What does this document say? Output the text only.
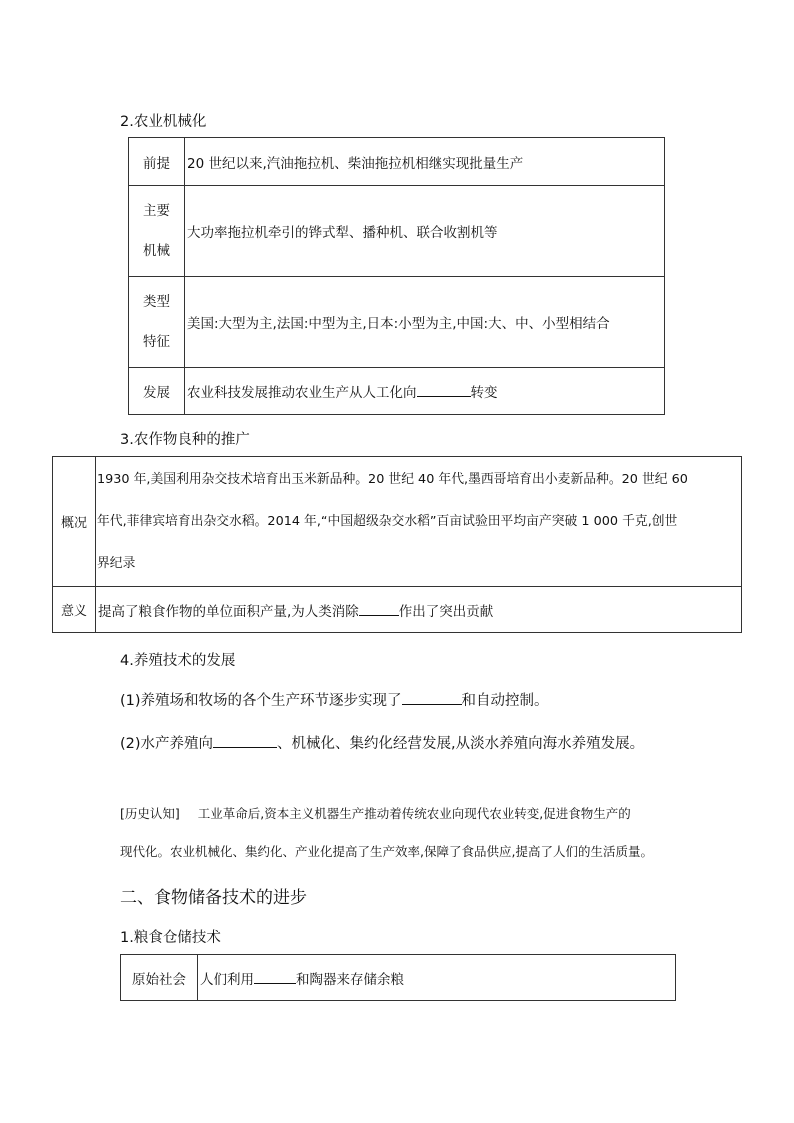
2.农业机械化
前提	20 世纪以来,汽油拖拉机、柴油拖拉机相继实现批量生产

主要
机械	大功率拖拉机牵引的铧式犁、播种机、联合收割机等

类型
特征	美国:大型为主,法国:中型为主,日本:小型为主,中国:大、中、小型相结合
发展	农业科技发展推动农业生产从人工化向 转变
3.农作物良种的推广
概况	1930 年,美国利用杂交技术培育出玉米新品种。20 世纪 40 年代,墨西哥培育出小麦新品种。20 世纪 60
年代,菲律宾培育出杂交水稻。2014 年,“中国超级杂交水稻”百亩试验田平均亩产突破 1 000 千克,创世
界纪录

意义	提高了粮食作物的单位面积产量,为人类消除 作出了突出贡献
4.养殖技术的发展
(1)养殖场和牧场的各个生产环节逐步实现了	和自动控制。
(2)水产养殖向	、机械化、集约化经营发展,从淡水养殖向海水养殖发展。
[历史认知] 工业革命后,资本主义机器生产推动着传统农业向现代农业转变,促进食物生产的
现代化。农业机械化、集约化、产业化提高了生产效率,保障了食品供应,提高了人们的生活质量。
二、食物储备技术的进步
1.粮食仓储技术
原始社会	人们利用	和陶器来存储余粮
